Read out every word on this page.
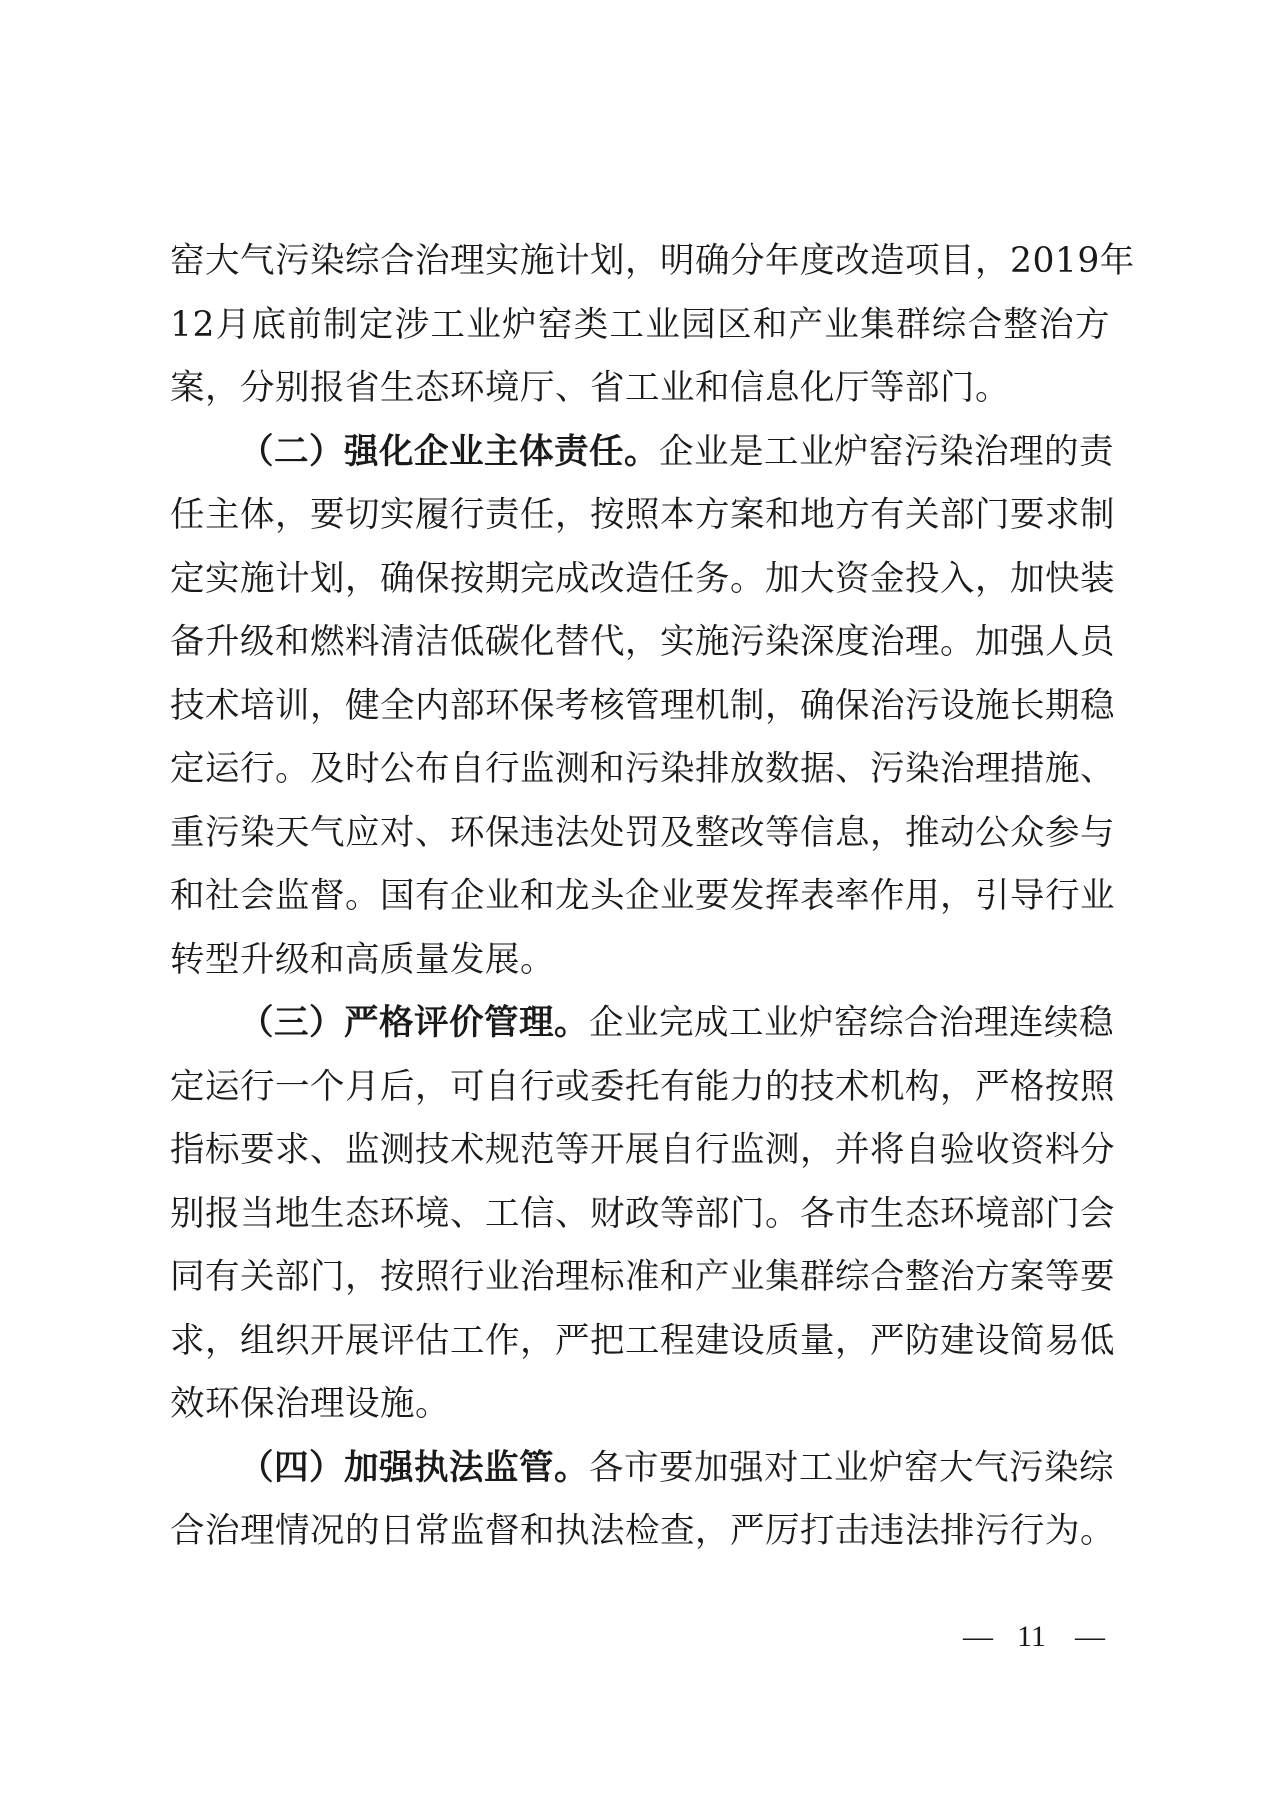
窑大气污染综合治理实施计划，明确分年度改造项目，2019年
12月底前制定涉工业炉窑类工业园区和产业集群综合整治方
案，分别报省生态环境厅、省工业和信息化厅等部门。

（二）强化企业主体责任。企业是工业炉窑污染治理的责
任主体，要切实履行责任，按照本方案和地方有关部门要求制
定实施计划，确保按期完成改造任务。加大资金投入，加快装
备升级和燃料清洁低碳化替代，实施污染深度治理。加强人员
技术培训，健全内部环保考核管理机制，确保治污设施长期稳
定运行。及时公布自行监测和污染排放数据、污染治理措施、
重污染天气应对、环保违法处罚及整改等信息，推动公众参与
和社会监督。国有企业和龙头企业要发挥表率作用，引导行业
转型升级和高质量发展。

（三）严格评价管理。企业完成工业炉窑综合治理连续稳
定运行一个月后，可自行或委托有能力的技术机构，严格按照
指标要求、监测技术规范等开展自行监测，并将自验收资料分
别报当地生态环境、工信、财政等部门。各市生态环境部门会
同有关部门，按照行业治理标准和产业集群综合整治方案等要
求，组织开展评估工作，严把工程建设质量，严防建设简易低
效环保治理设施。

（四）加强执法监管。各市要加强对工业炉窑大气污染综
合治理情况的日常监督和执法检查，严厉打击违法排污行为。

— 11 —
